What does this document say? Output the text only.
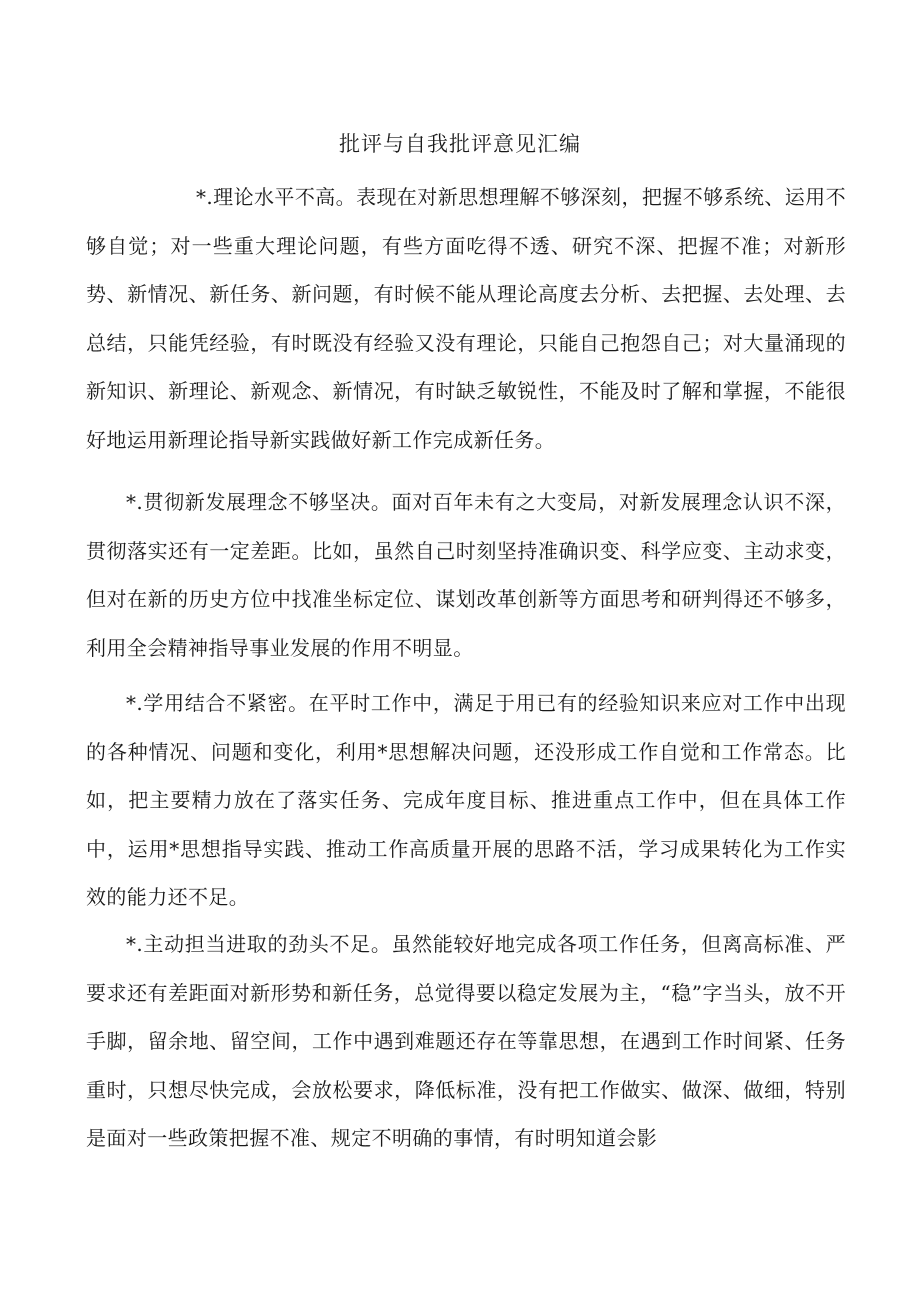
批评与自我批评意见汇编
*.理论水平不高。表现在对新思想理解不够深刻，把握不够系统、运用不够自觉；对一些重大理论问题，有些方面吃得不透、研究不深、把握不准；对新形势、新情况、新任务、新问题，有时候不能从理论高度去分析、去把握、去处理、去总结，只能凭经验，有时既没有经验又没有理论，只能自己抱怨自己；对大量涌现的新知识、新理论、新观念、新情况，有时缺乏敏锐性，不能及时了解和掌握，不能很好地运用新理论指导新实践做好新工作完成新任务。
*.贯彻新发展理念不够坚决。面对百年未有之大变局，对新发展理念认识不深，贯彻落实还有一定差距。比如，虽然自己时刻坚持准确识变、科学应变、主动求变，但对在新的历史方位中找准坐标定位、谋划改革创新等方面思考和研判得还不够多，利用全会精神指导事业发展的作用不明显。
*.学用结合不紧密。在平时工作中，满足于用已有的经验知识来应对工作中出现的各种情况、问题和变化，利用*思想解决问题，还没形成工作自觉和工作常态。比如，把主要精力放在了落实任务、完成年度目标、推进重点工作中，但在具体工作中，运用*思想指导实践、推动工作高质量开展的思路不活，学习成果转化为工作实效的能力还不足。
*.主动担当进取的劲头不足。虽然能较好地完成各项工作任务，但离高标准、严要求还有差距面对新形势和新任务，总觉得要以稳定发展为主，“稳”字当头，放不开手脚，留余地、留空间，工作中遇到难题还存在等靠思想，在遇到工作时间紧、任务重时，只想尽快完成，会放松要求，降低标准，没有把工作做实、做深、做细，特别是面对一些政策把握不准、规定不明确的事情，有时明知道会影
